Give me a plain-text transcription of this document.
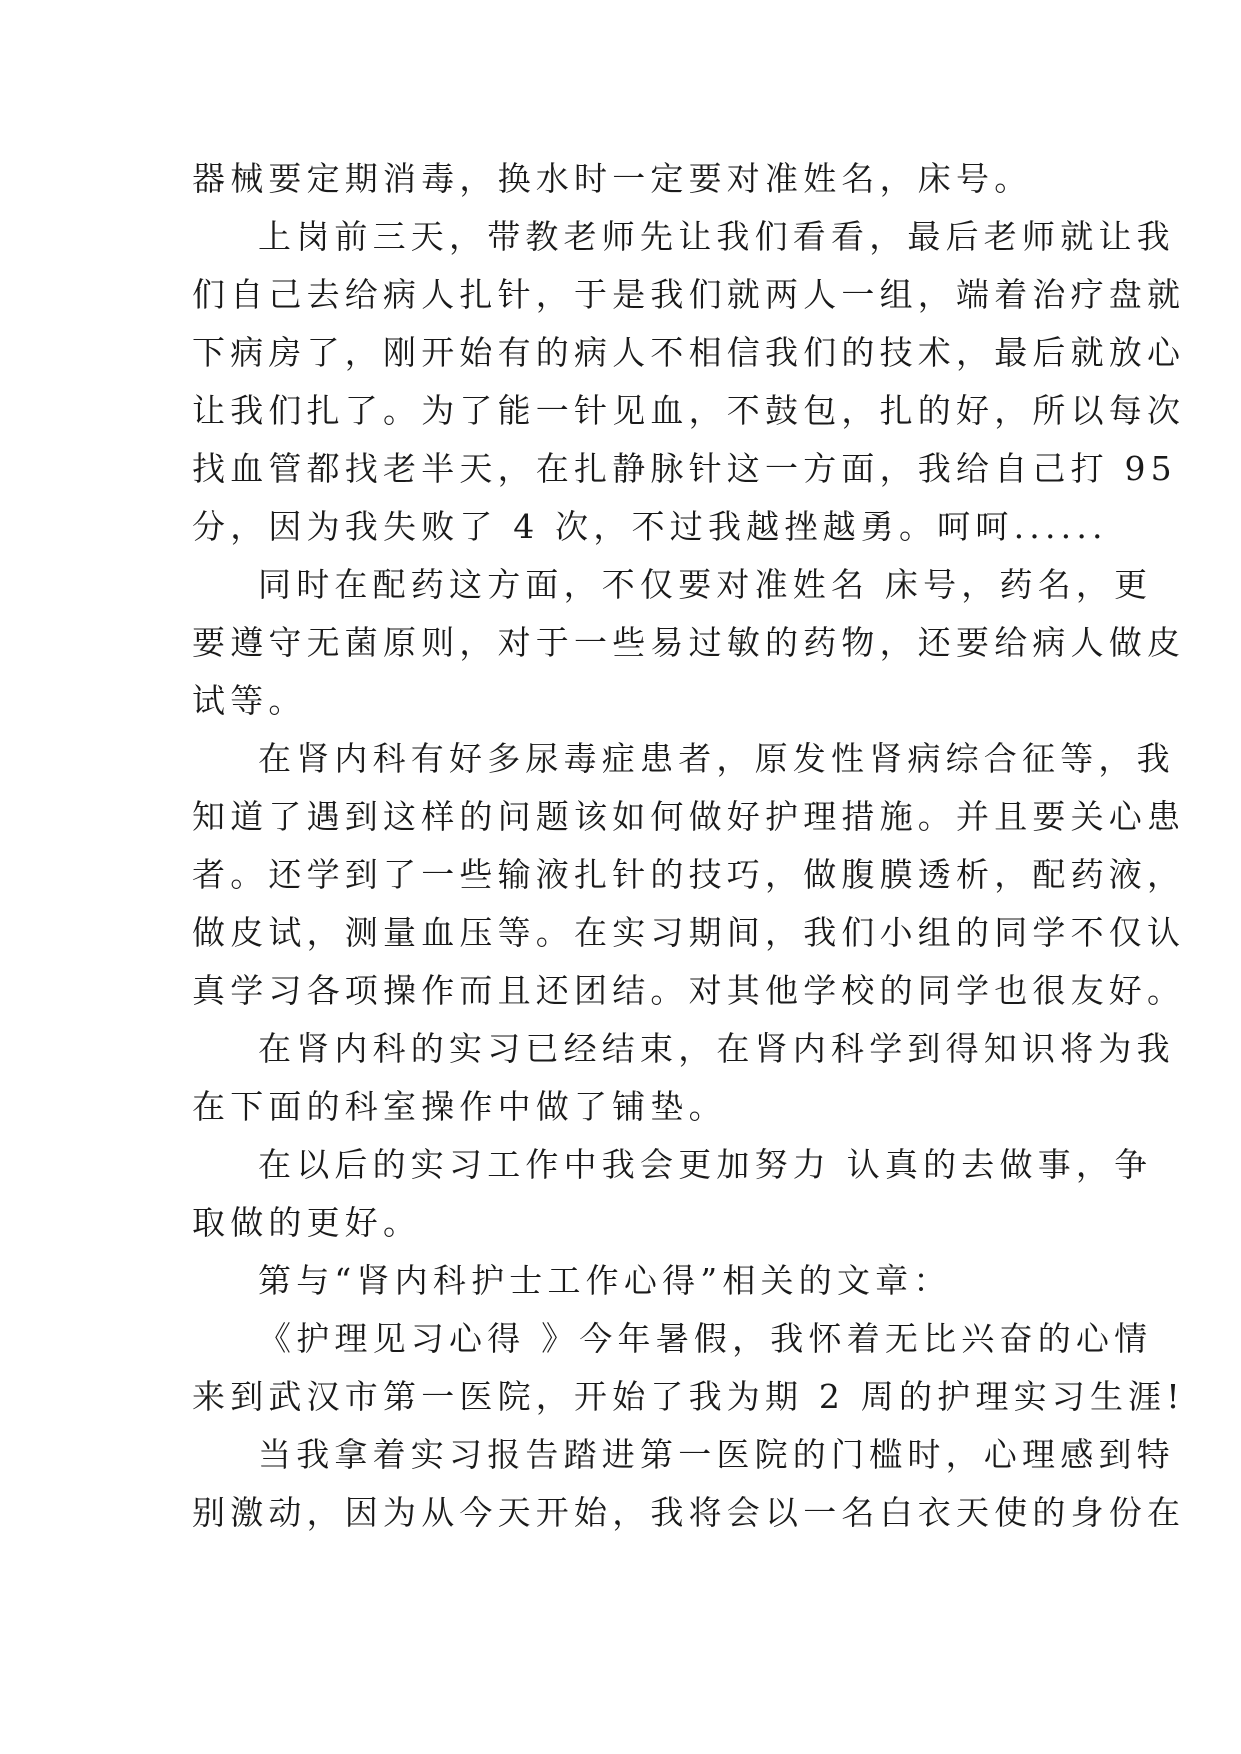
器械要定期消毒，换水时一定要对准姓名，床号。
上岗前三天，带教老师先让我们看看，最后老师就让我
们自己去给病人扎针，于是我们就两人一组，端着治疗盘就
下病房了，刚开始有的病人不相信我们的技术，最后就放心
让我们扎了。为了能一针见血，不鼓包，扎的好，所以每次
找血管都找老半天，在扎静脉针这一方面，我给自己打 95
分，因为我失败了 4 次，不过我越挫越勇。呵呵......
同时在配药这方面，不仅要对准姓名 床号，药名，更
要遵守无菌原则，对于一些易过敏的药物，还要给病人做皮
试等。
在肾内科有好多尿毒症患者，原发性肾病综合征等，我
知道了遇到这样的问题该如何做好护理措施。并且要关心患
者。还学到了一些输液扎针的技巧，做腹膜透析，配药液，
做皮试，测量血压等。在实习期间，我们小组的同学不仅认
真学习各项操作而且还团结。对其他学校的同学也很友好。
在肾内科的实习已经结束，在肾内科学到得知识将为我
在下面的科室操作中做了铺垫。
在以后的实习工作中我会更加努力 认真的去做事，争
取做的更好。
第与“肾内科护士工作心得”相关的文章：
《护理见习心得 》今年暑假，我怀着无比兴奋的心情
来到武汉市第一医院，开始了我为期 2 周的护理实习生涯!
当我拿着实习报告踏进第一医院的门槛时，心理感到特
别激动，因为从今天开始，我将会以一名白衣天使的身份在
